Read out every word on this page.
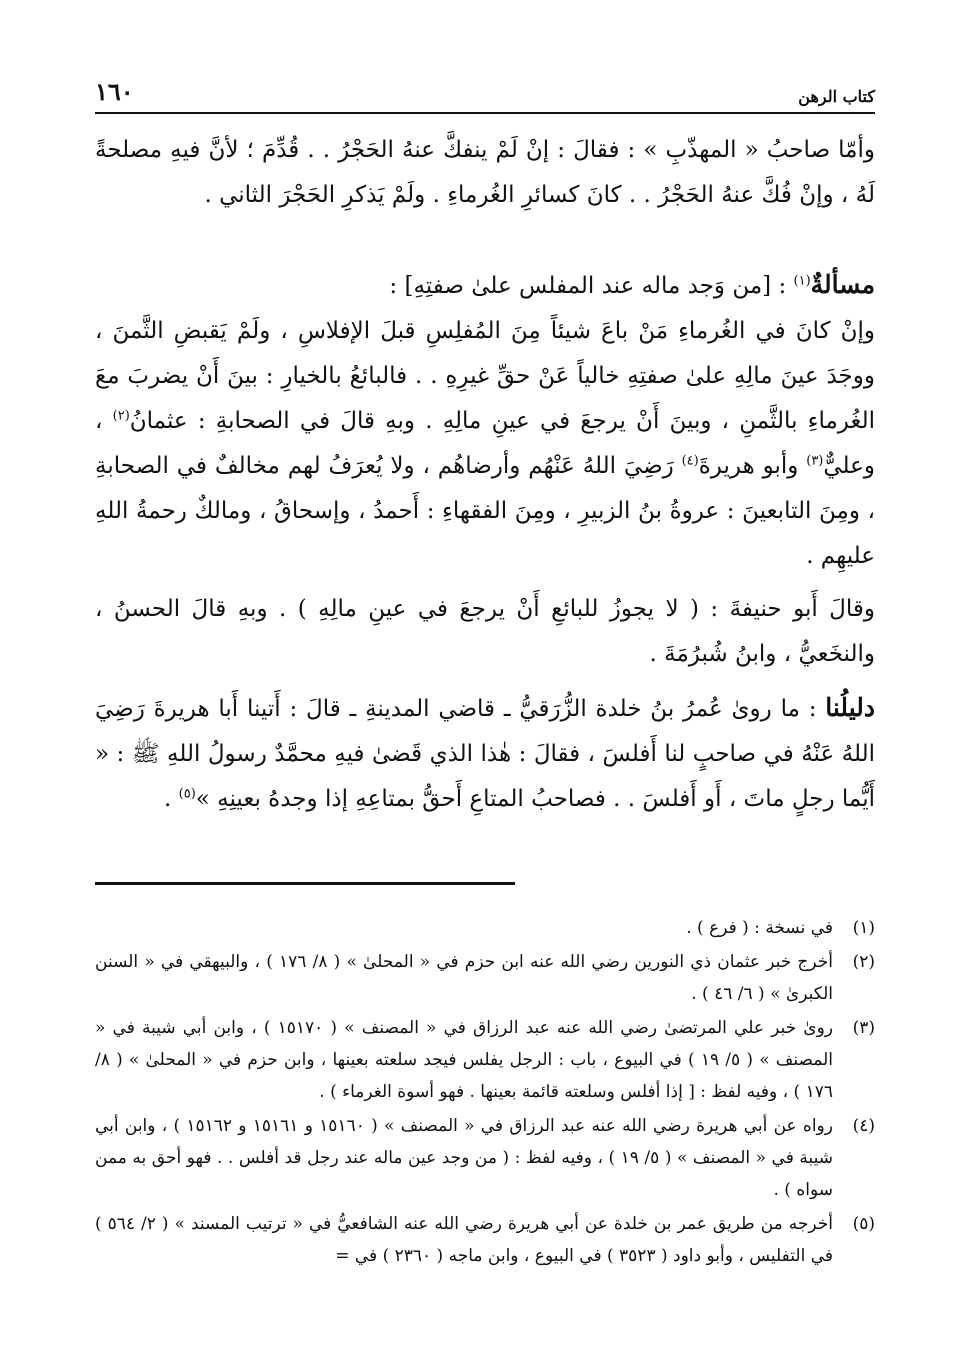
كتاب الرهن
١٦٠

وأمّا صاحبُ « المهذّبِ » : فقالَ : إنْ لَمْ ينفكَّ عنهُ الحَجْرُ . . قُدِّمَ ؛ لأنَّ فيهِ مصلحةً لَهُ ، وإنْ فُكَّ عنهُ الحَجْرُ . . كانَ كسائرِ الغُرماءِ . ولَمْ يَذكرِ الحَجْرَ الثاني .

مسألةٌ$^{(١)}$ : [من وَجد ماله عند المفلس علىٰ صفتِهِ] :

وإنْ كانَ في الغُرماءِ مَنْ باعَ شيئاً مِنَ المُفلِسِ قبلَ الإفلاسِ ، ولَمْ يَقبضِ الثَّمنَ ، ووجَدَ عينَ مالِهِ علىٰ صفتِهِ خالياً عَنْ حقِّ غيرِهِ . . فالبائعُ بالخيارِ : بينَ أَنْ يضربَ معَ الغُرماءِ بالثَّمنِ ، وبينَ أَنْ يرجعَ في عينِ مالِهِ . وبهِ قالَ في الصحابةِ : عثمانُ$^{(٢)}$ ، وعليٌّ$^{(٣)}$ وأبو هريرةَ$^{(٤)}$ رَضِيَ اللهُ عَنْهُم وأرضاهُم ، ولا يُعرَفُ لهم مخالفٌ في الصحابةِ ، ومِنَ التابعينَ : عروةُ بنُ الزبيرِ ، ومِنَ الفقهاءِ : أَحمدُ ، وإسحاقُ ، ومالكٌ رحمةُ اللهِ عليهِم .

وقالَ أَبو حنيفةَ : ( لا يجوزُ للبائعِ أَنْ يرجعَ في عينِ مالِهِ ) . وبهِ قالَ الحسنُ ، والنخَعيُّ ، وابنُ شُبرُمَةَ .

دليلُنا : ما روىٰ عُمرُ بنُ خلدة الزُّرَقيُّ ـ قاضي المدينةِ ـ قالَ : أَتينا أَبا هريرةَ رَضِيَ اللهُ عَنْهُ في صاحبٍ لنا أَفلسَ ، فقالَ : هٰذا الذي قَضىٰ فيهِ محمَّدٌ رسولُ اللهِ ﷺ : « أَيُّما رجلٍ ماتَ ، أَو أَفلسَ . . فصاحبُ المتاعِ أَحقُّ بمتاعِهِ إذا وجدهُ بعينِهِ »$^{(٥)}$ .

(١)
في نسخة : ( فرع ) .
(٢)
أخرج خبر عثمان ذي النورين رضي الله عنه ابن حزم في « المحلىٰ » ( ٨/ ١٧٦ ) ، والبيهقي في « السنن الكبرىٰ » ( ٦/ ٤٦ ) .
(٣)
روىٰ خبر علي المرتضىٰ رضي الله عنه عبد الرزاق في « المصنف » ( ١٥١٧٠ ) ، وابن أبي شيبة في « المصنف » ( ٥/ ١٩ ) في البيوع ، باب : الرجل يفلس فيجد سلعته بعينها ، وابن حزم في « المحلىٰ » ( ٨/ ١٧٦ ) ، وفيه لفظ : [ إذا أفلس وسلعته قائمة بعينها . فهو أسوة الغرماء ) .
(٤)
رواه عن أبي هريرة رضي الله عنه عبد الرزاق في « المصنف » ( ١٥١٦٠ و ١٥١٦١ و ١٥١٦٢ ) ، وابن أبي شيبة في « المصنف » ( ٥/ ١٩ ) ، وفيه لفظ : ( من وجد عين ماله عند رجل قد أفلس . . فهو أحق به ممن سواه ) .
(٥)
أخرجه من طريق عمر بن خلدة عن أبي هريرة رضي الله عنه الشافعيُّ في « ترتيب المسند » ( ٢/ ٥٦٤ ) في التفليس ، وأبو داود ( ٣٥٢٣ ) في البيوع ، وابن ماجه ( ٢٣٦٠ ) في =
